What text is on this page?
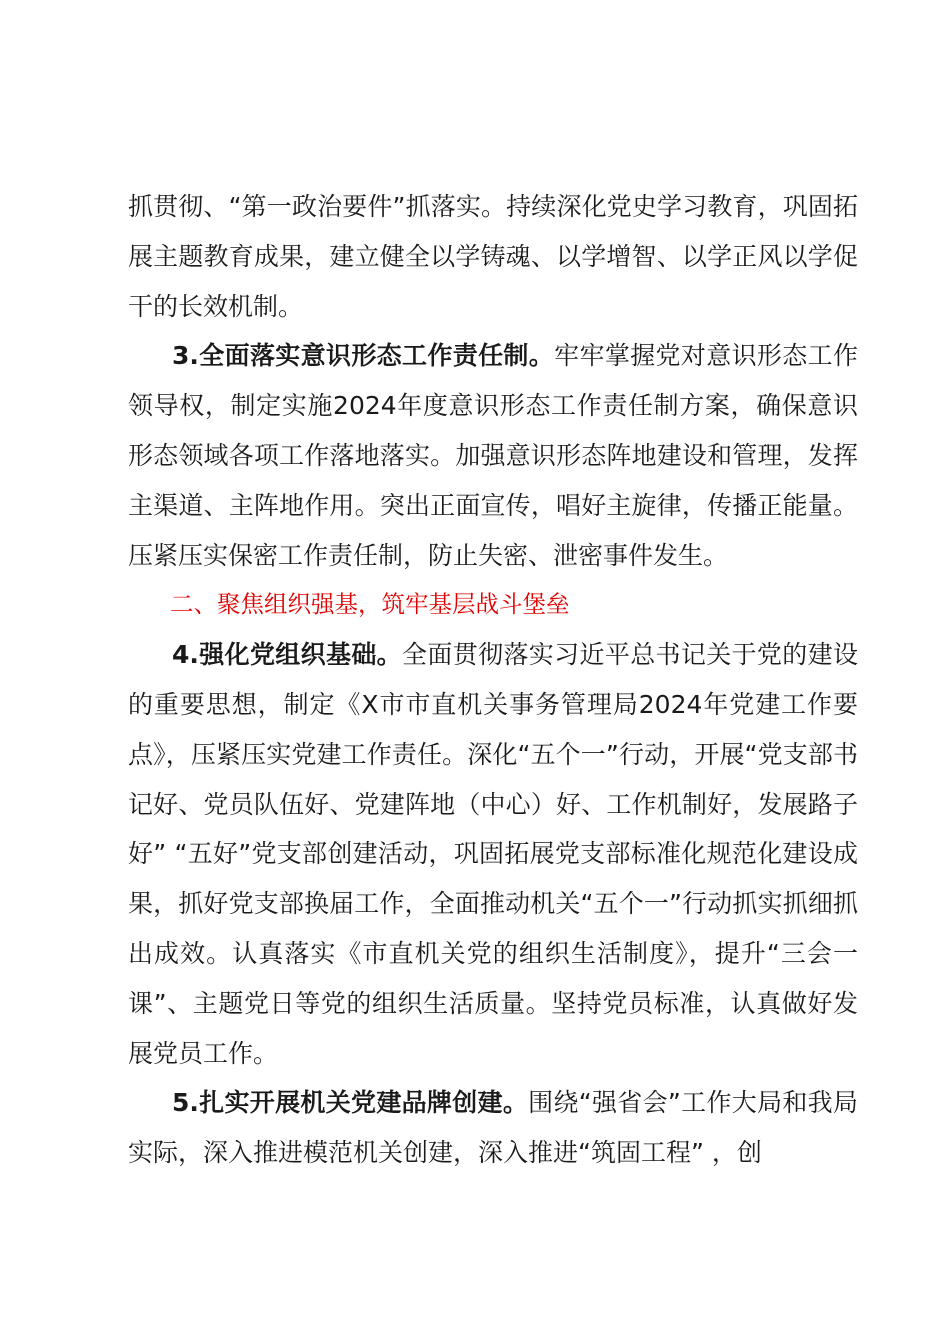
抓贯彻、“第一政治要件”抓落实。持续深化党史学习教育，巩固拓展主题教育成果，建立健全以学铸魂、以学增智、以学正风以学促干的长效机制。

3.全面落实意识形态工作责任制。牢牢掌握党对意识形态工作领导权，制定实施2024年度意识形态工作责任制方案，确保意识形态领域各项工作落地落实。加强意识形态阵地建设和管理，发挥主渠道、主阵地作用。突出正面宣传，唱好主旋律，传播正能量。压紧压实保密工作责任制，防止失密、泄密事件发生。

二、聚焦组织强基，筑牢基层战斗堡垒

4.强化党组织基础。全面贯彻落实习近平总书记关于党的建设的重要思想，制定《X市市直机关事务管理局2024年党建工作要点》，压紧压实党建工作责任。深化“五个一”行动，开展“党支部书记好、党员队伍好、党建阵地（中心）好、工作机制好，发展路子好” “五好”党支部创建活动，巩固拓展党支部标准化规范化建设成果，抓好党支部换届工作，全面推动机关“五个一”行动抓实抓细抓出成效。认真落实《市直机关党的组织生活制度》，提升“三会一课”、主题党日等党的组织生活质量。坚持党员标准，认真做好发展党员工作。

5.扎实开展机关党建品牌创建。围绕“强省会”工作大局和我局实际，深入推进模范机关创建，深入推进“筑固工程” ，创
